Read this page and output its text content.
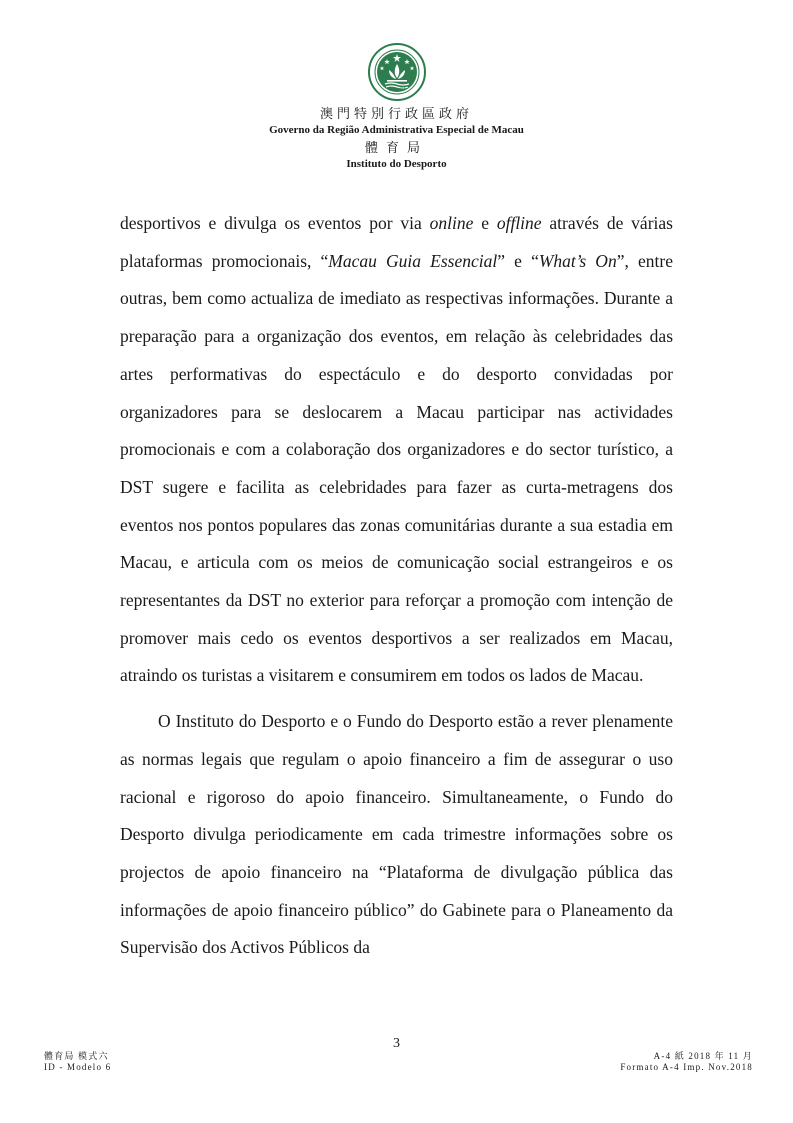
MACAU
澳門特別行政區政府
Governo da Região Administrativa Especial de Macau
體育局
Instituto do Desporto

desportivos e divulga os eventos por via online e offline através de várias plataformas promocionais, “Macau Guia Essencial” e “What’s On”, entre outras, bem como actualiza de imediato as respectivas informações. Durante a preparação para a organização dos eventos, em relação às celebridades das artes performativas do espectáculo e do desporto convidadas por organizadores para se deslocarem a Macau participar nas actividades promocionais e com a colaboração dos organizadores e do sector turístico, a DST sugere e facilita as celebridades para fazer as curta-metragens dos eventos nos pontos populares das zonas comunitárias durante a sua estadia em Macau, e articula com os meios de comunicação social estrangeiros e os representantes da DST no exterior para reforçar a promoção com intenção de promover mais cedo os eventos desportivos a ser realizados em Macau, atraindo os turistas a visitarem e consumirem em todos os lados de Macau.

O Instituto do Desporto e o Fundo do Desporto estão a rever plenamente as normas legais que regulam o apoio financeiro a fim de assegurar o uso racional e rigoroso do apoio financeiro. Simultaneamente, o Fundo do Desporto divulga periodicamente em cada trimestre informações sobre os projectos de apoio financeiro na “Plataforma de divulgação pública das informações de apoio financeiro público” do Gabinete para o Planeamento da Supervisão dos Activos Públicos da

3
體育局 模式六
ID - Modelo 6
A-4 紙 2018 年 11 月
Formato A-4 Imp. Nov.2018
